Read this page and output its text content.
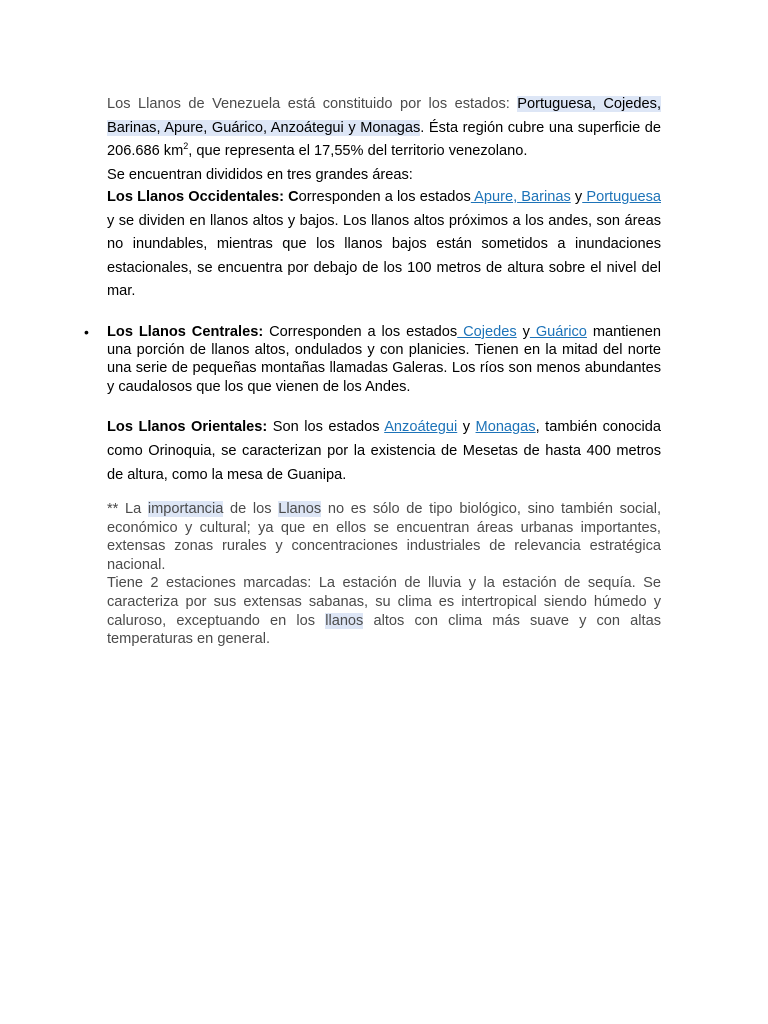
Los Llanos de Venezuela está constituido por los estados: Portuguesa, Cojedes, Barinas, Apure, Guárico, Anzoátegui y Monagas. Ésta región cubre una superficie de 206.686 $km^2$, que representa el 17,55% del territorio venezolano.

Se encuentran divididos en tres grandes áreas:

Los Llanos Occidentales: Corresponden a los estados Apure, Barinas y Portuguesa y se dividen en llanos altos y bajos. Los llanos altos próximos a los andes, son áreas no inundables, mientras que los llanos bajos están sometidos a inundaciones estacionales, se encuentra por debajo de los 100 metros de altura sobre el nivel del mar.

• Los Llanos Centrales: Corresponden a los estados Cojedes y Guárico mantienen una porción de llanos altos, ondulados y con planicies. Tienen en la mitad del norte una serie de pequeñas montañas llamadas Galeras. Los ríos son menos abundantes y caudalosos que los que vienen de los Andes.

Los Llanos Orientales: Son los estados Anzoátegui y Monagas, también conocida como Orinoquia, se caracterizan por la existencia de Mesetas de hasta 400 metros de altura, como la mesa de Guanipa.

** La importancia de los Llanos no es sólo de tipo biológico, sino también social, económico y cultural; ya que en ellos se encuentran áreas urbanas importantes, extensas zonas rurales y concentraciones industriales de relevancia estratégica nacional.

Tiene 2 estaciones marcadas: La estación de lluvia y la estación de sequía. Se caracteriza por sus extensas sabanas, su clima es intertropical siendo húmedo y caluroso, exceptuando en los llanos altos con clima más suave y con altas temperaturas en general.
